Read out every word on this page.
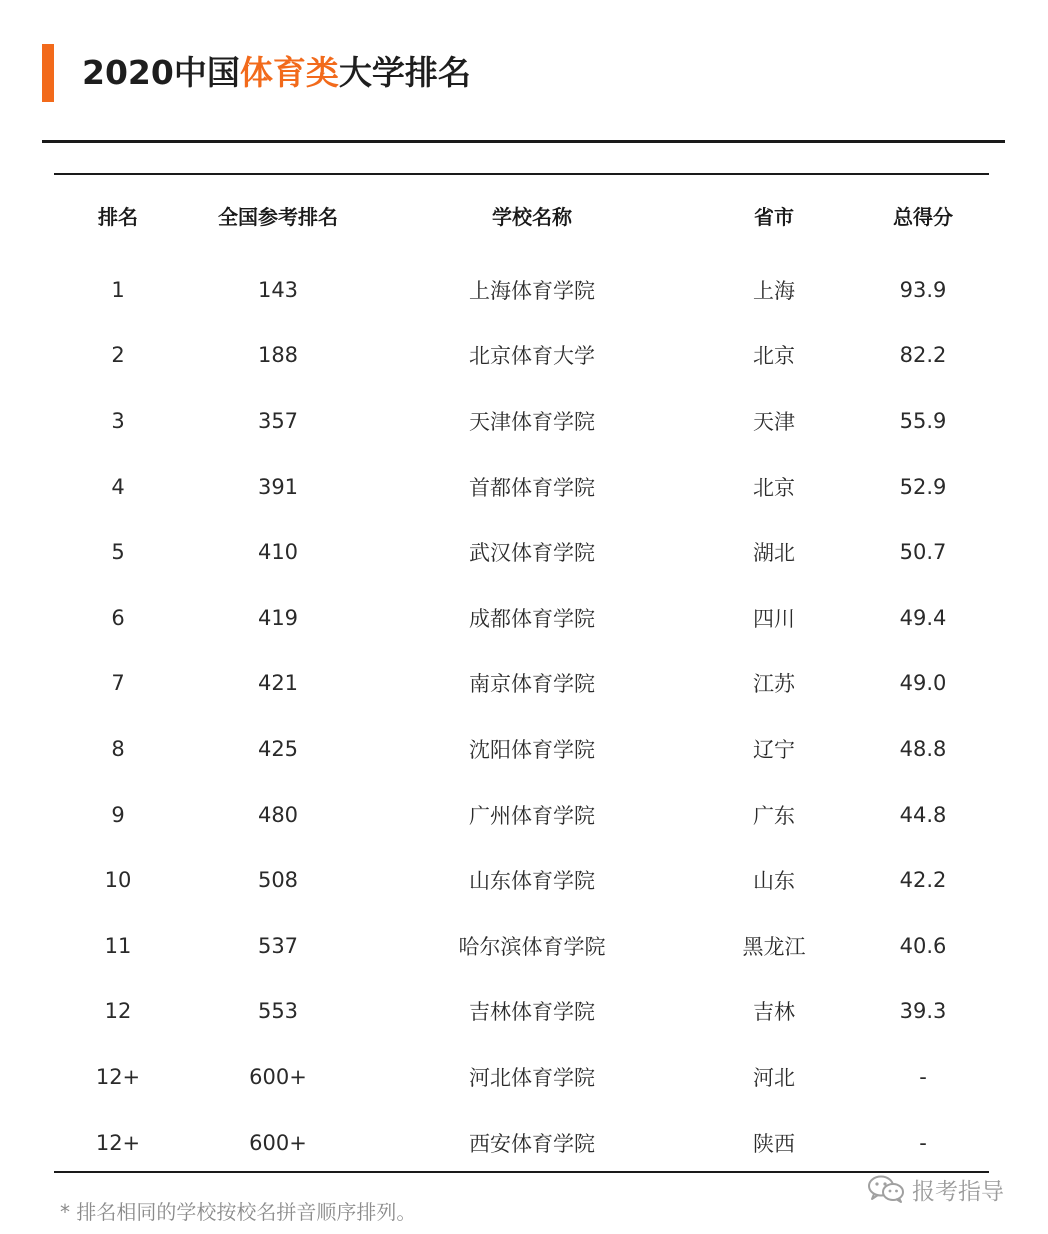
2020中国体育类大学排名
排名	全国参考排名	学校名称	省市	总得分
1	143	上海体育学院	上海	93.9
2	188	北京体育大学	北京	82.2
3	357	天津体育学院	天津	55.9
4	391	首都体育学院	北京	52.9
5	410	武汉体育学院	湖北	50.7
6	419	成都体育学院	四川	49.4
7	421	南京体育学院	江苏	49.0
8	425	沈阳体育学院	辽宁	48.8
9	480	广州体育学院	广东	44.8
10	508	山东体育学院	山东	42.2
11	537	哈尔滨体育学院	黑龙江	40.6
12	553	吉林体育学院	吉林	39.3
12+	600+	河北体育学院	河北	-
12+	600+	西安体育学院	陕西	-
* 排名相同的学校按校名拼音顺序排列。
报考指导
